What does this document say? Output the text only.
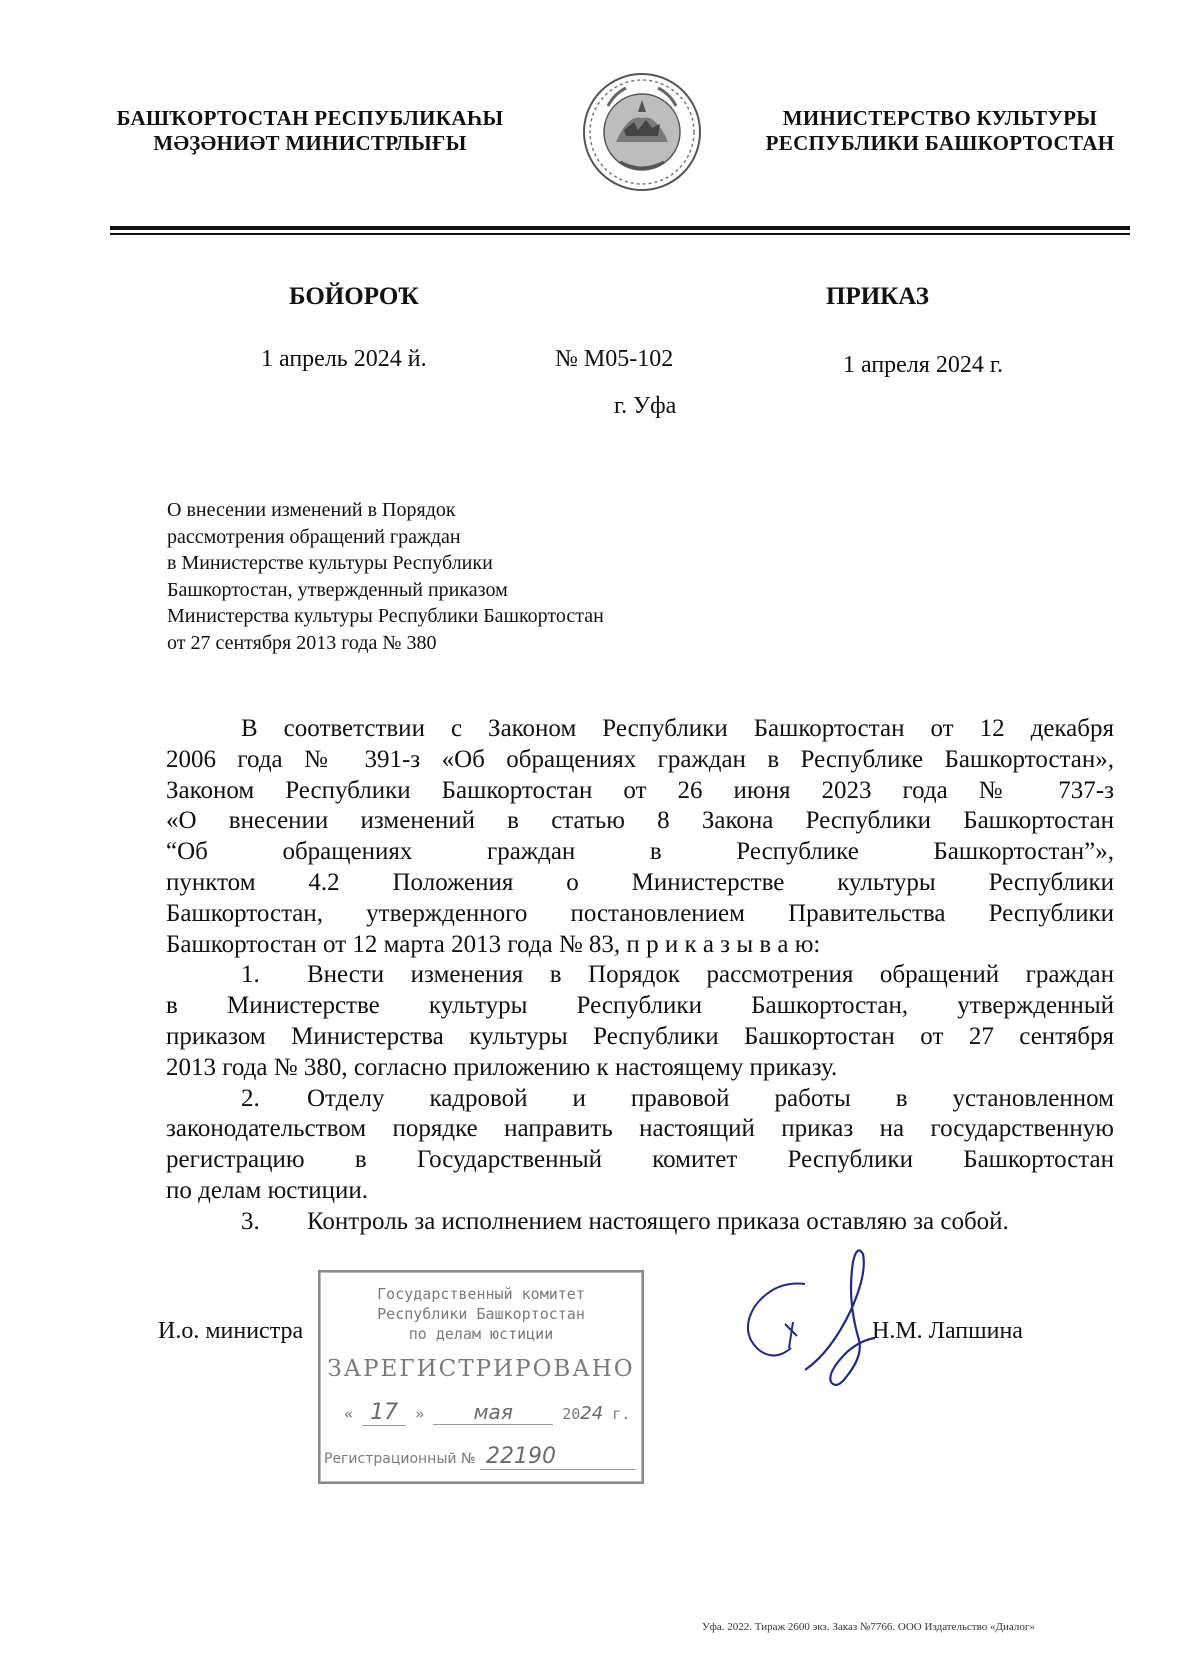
БАШҠОРТОСТАН РЕСПУБЛИКАҺЫ
МӘҘӘНИӘТ МИНИСТРЛЫҒЫ
МИНИСТЕРСТВО КУЛЬТУРЫ
РЕСПУБЛИКИ БАШКОРТОСТАН
БОЙОРОҠ	ПРИКАЗ
1 апрель 2024 й.	№ М05-102	1 апреля 2024 г.
г. Уфа
О внесении изменений в Порядок
рассмотрения обращений граждан
в Министерстве культуры Республики
Башкортостан, утвержденный приказом
Министерства культуры Республики Башкортостан
от 27 сентября 2013 года № 380

В соответствии с Законом Республики Башкортостан от 12 декабря

2006 года № 391-з «Об обращениях граждан в Республике Башкортостан»,

Законом Республики Башкортостан от 26 июня 2023 года № 737-з

«О внесении изменений в статью 8 Закона Республики Башкортостан

“Об обращениях граждан в Республике Башкортостан”»,

пунктом 4.2 Положения о Министерстве культуры Республики

Башкортостан, утвержденного постановлением Правительства Республики

Башкортостан от 12 марта 2013 года № 83, п р и к а з ы в а ю:

1. Внести изменения в Порядок рассмотрения обращений граждан

в Министерстве культуры Республики Башкортостан, утвержденный

приказом Министерства культуры Республики Башкортостан от 27 сентября

2013 года № 380, согласно приложению к настоящему приказу.

2. Отделу кадровой и правовой работы в установленном

законодательством порядке направить настоящий приказ на государственную

регистрацию в Государственный комитет Республики Башкортостан

по делам юстиции.

3. Контроль за исполнением настоящего приказа оставляю за собой.

И.о. министра
Государственный комитет
Республики Башкортостан
по делам юстиции
ЗАРЕГИСТРИРОВАНО
« 17 » мая	2024 г.
Регистрационный № 22190
Н.М. Лапшина
Уфа. 2022. Тираж 2600 экз. Заказ №7766. ООО Издательство «Диалог»
